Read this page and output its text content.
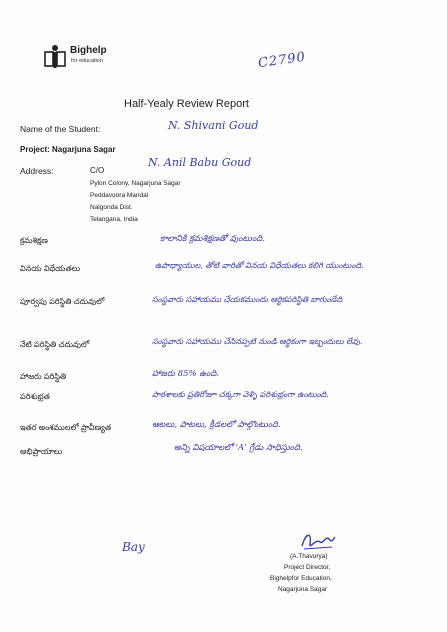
Bighelp
for education	C2790
Half-Yealy Review Report
Name of the Student:	N. Shivani Goud
Project: Nagarjuna Sagar
Address:	C/O
N. Anil Babu Goud
Pylon Colony, Nagarjuna Sagar
Peddavoora Mandal
Nalgonda Dist.
Telangana, India
క్రమశిక్షణ	కాలానికి క్రమశిక్షణతో వుంటుంది.
వినయ విధేయతలు	ఉపాధ్యాయుల, తోటి వారితో వినయ విధేయతలు కలిగి యుంటుంది.
పూర్వపు పరిస్థితి చదువులో	సంస్థవారు సహాయము చేయకముందు ఆర్థికపరిస్థితి బాగుండేది
నేటి పరిస్థితి చదువులో	సంస్థవారు సహాయము చేసినప్పటి నుండి ఆర్థికంగా ఇబ్బందులు లేవు.
హాజరు పరిస్థితి	హాజరు 85% ఉంది.
పరిశుభ్రత	పాఠశాలకు ప్రతిరోజూ చక్కగా వెళ్ళి పరిశుభ్రంగా ఉంటుంది.
ఇతర అంశములలో ప్రావీణ్యత	ఆటలు, పాటలు, క్రీడలలో పాల్గొంటుంది.
అభిప్రాయాలు	అన్ని విషయాలలో 'A' గ్రేడు సాధిస్తుంది.
Bay
(A.Thavurya)
Project Director,
Bighelpfor Education,
Nagarjuna Sagar
